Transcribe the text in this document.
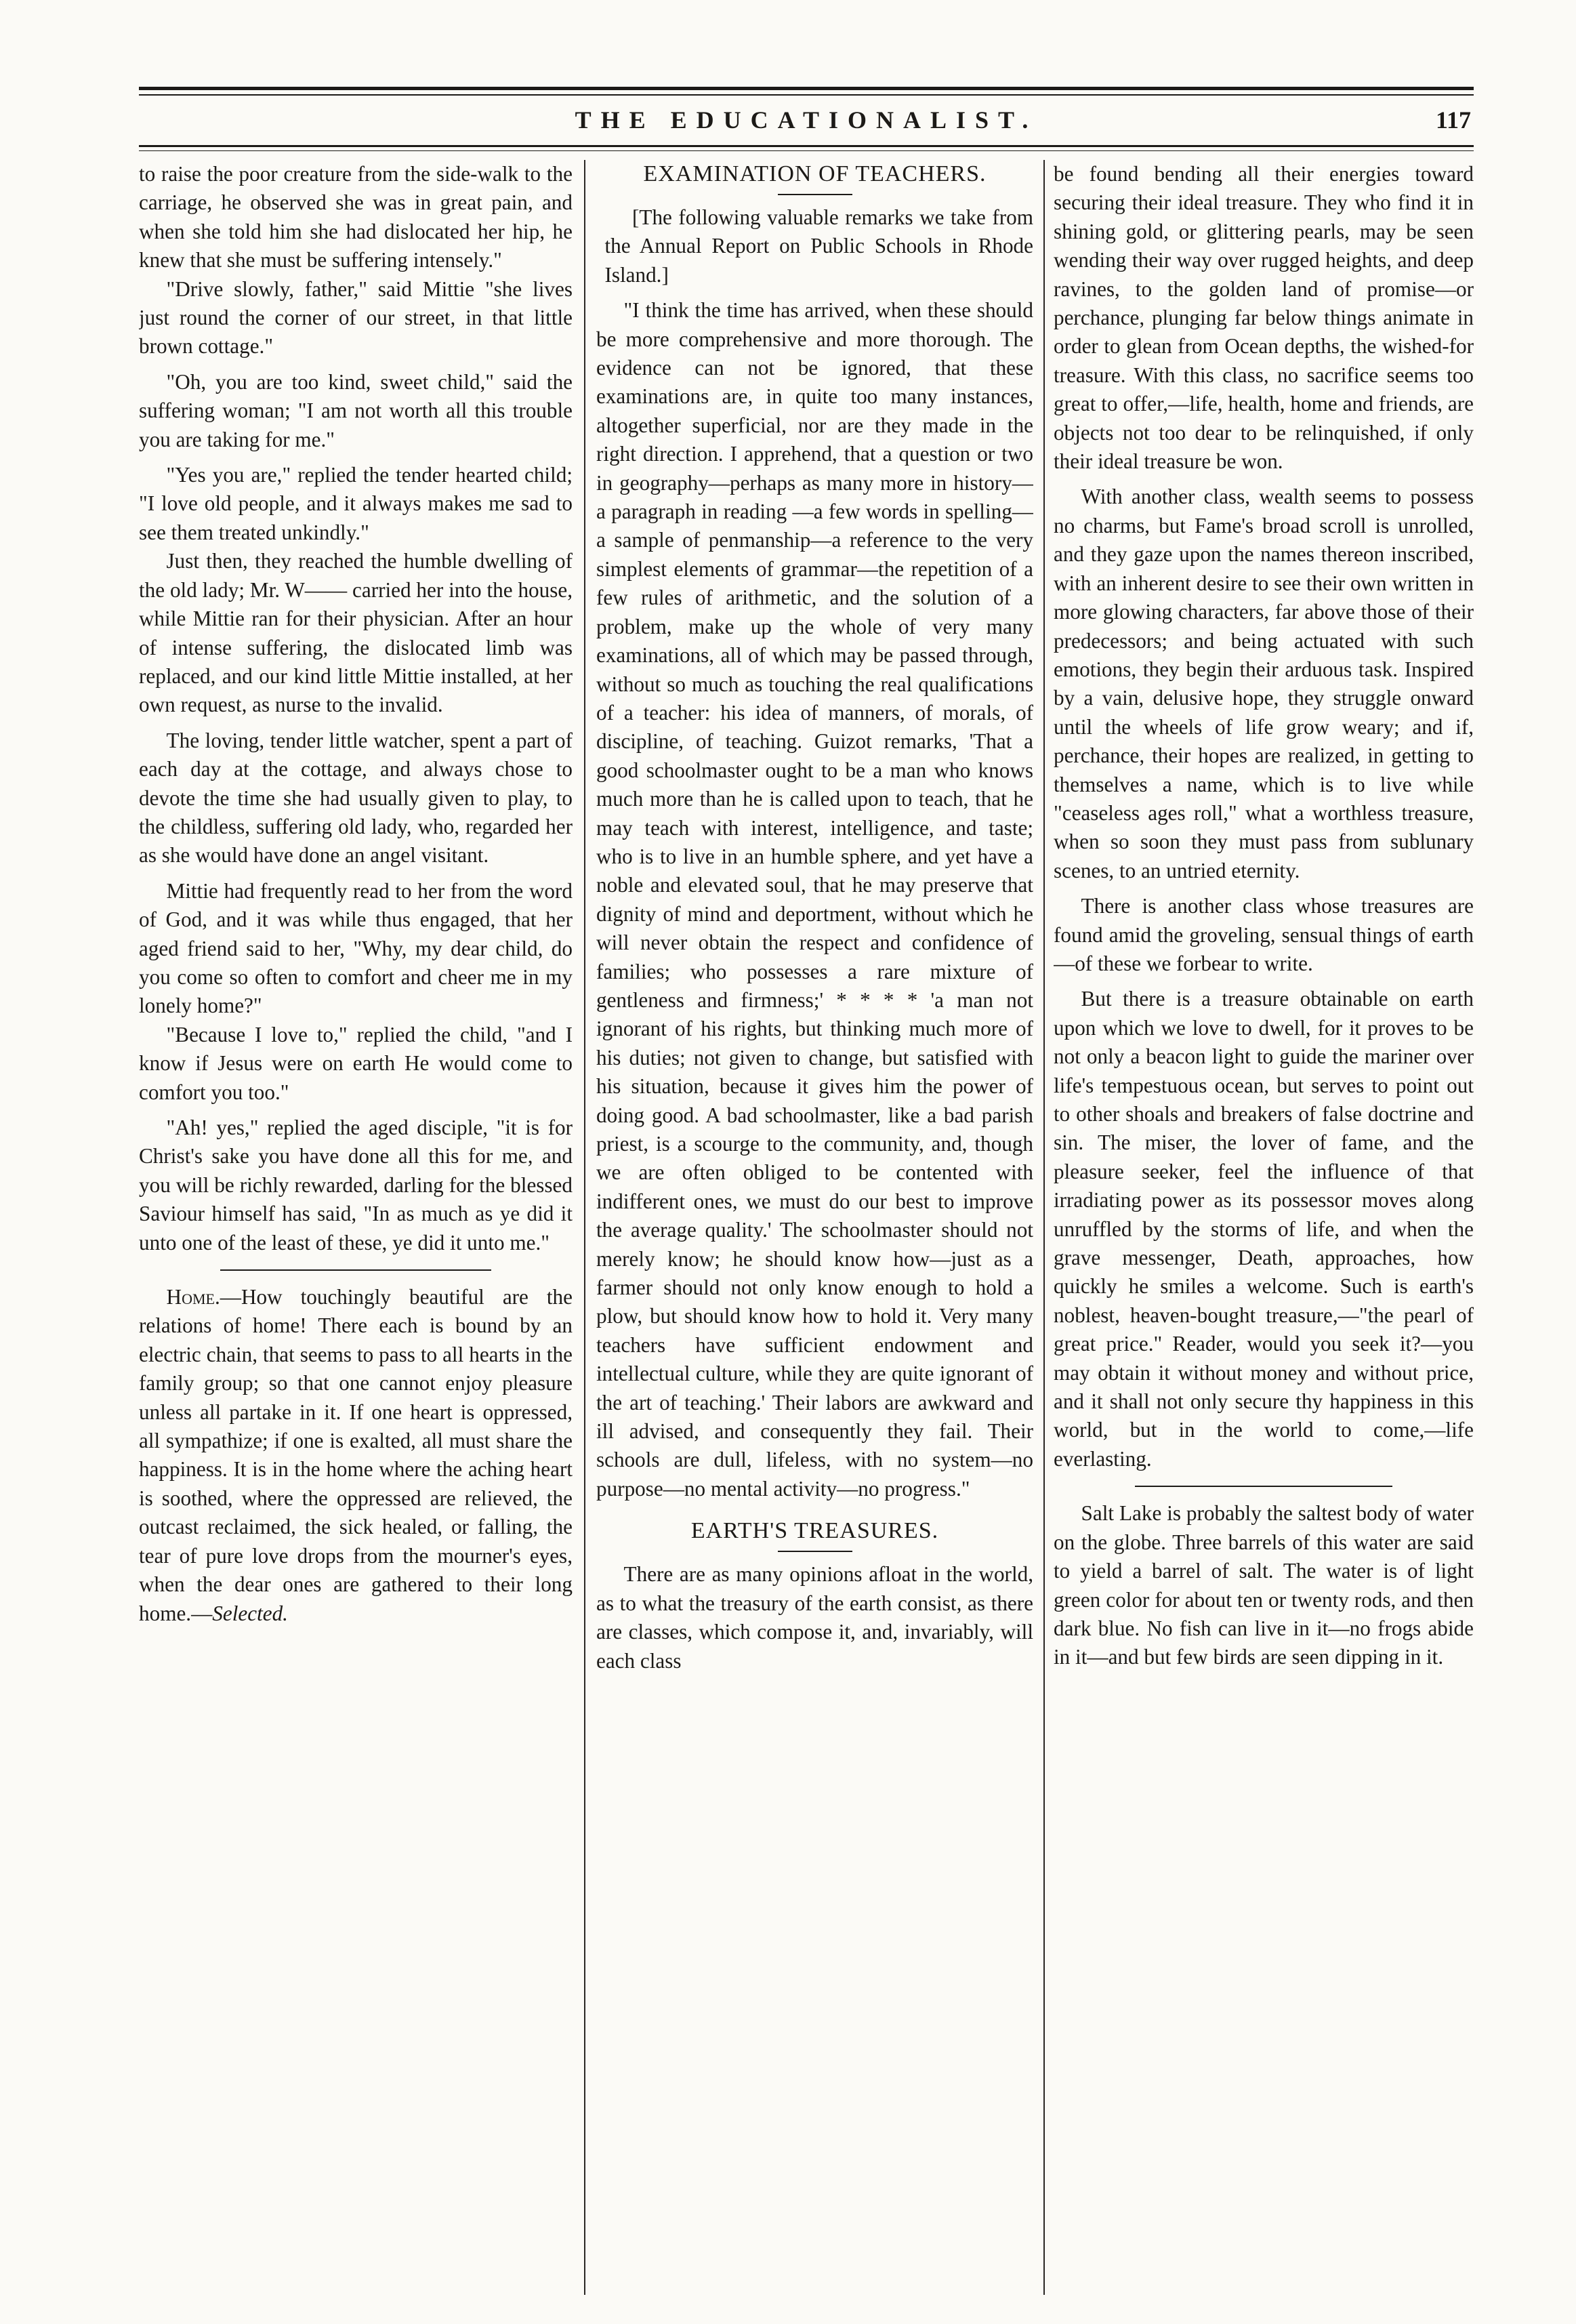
THE EDUCATIONALIST.	117

to raise the poor creature from the side-walk to the carriage, he observed she was in great pain, and when she told him she had dislocated her hip, he knew that she must be suffering intensely."

"Drive slowly, father," said Mittie "she lives just round the corner of our street, in that little brown cottage."

"Oh, you are too kind, sweet child," said the suffering woman; "I am not worth all this trouble you are taking for me."

"Yes you are," replied the tender hearted child; "I love old people, and it always makes me sad to see them treated unkindly."

Just then, they reached the humble dwelling of the old lady; Mr. W—— carried her into the house, while Mittie ran for their physician. After an hour of intense suffering, the dislocated limb was replaced, and our kind little Mittie installed, at her own request, as nurse to the invalid.

The loving, tender little watcher, spent a part of each day at the cottage, and always chose to devote the time she had usually given to play, to the childless, suffering old lady, who, regarded her as she would have done an angel visitant.

Mittie had frequently read to her from the word of God, and it was while thus engaged, that her aged friend said to her, "Why, my dear child, do you come so often to comfort and cheer me in my lonely home?"

"Because I love to," replied the child, "and I know if Jesus were on earth He would come to comfort you too."

"Ah! yes," replied the aged disciple, "it is for Christ's sake you have done all this for me, and you will be richly rewarded, darling for the blessed Saviour himself has said, "In as much as ye did it unto one of the least of these, ye did it unto me."

Home.—How touchingly beautiful are the relations of home! There each is bound by an electric chain, that seems to pass to all hearts in the family group; so that one cannot enjoy pleasure unless all partake in it. If one heart is oppressed, all sympathize; if one is exalted, all must share the happiness. It is in the home where the aching heart is soothed, where the oppressed are relieved, the outcast reclaimed, the sick healed, or falling, the tear of pure love drops from the mourner's eyes, when the dear ones are gathered to their long home.—Selected.

EXAMINATION OF TEACHERS.

[The following valuable remarks we take from the Annual Report on Public Schools in Rhode Island.]

"I think the time has arrived, when these should be more comprehensive and more thorough. The evidence can not be ignored, that these examinations are, in quite too many instances, altogether superficial, nor are they made in the right direction. I apprehend, that a question or two in geography—perhaps as many more in history—a paragraph in reading —a few words in spelling—a sample of penmanship—a reference to the very simplest elements of grammar—the repetition of a few rules of arithmetic, and the solution of a problem, make up the whole of very many examinations, all of which may be passed through, without so much as touching the real qualifications of a teacher: his idea of manners, of morals, of discipline, of teaching. Guizot remarks, 'That a good schoolmaster ought to be a man who knows much more than he is called upon to teach, that he may teach with interest, intelligence, and taste; who is to live in an humble sphere, and yet have a noble and elevated soul, that he may preserve that dignity of mind and deportment, without which he will never obtain the respect and confidence of families; who possesses a rare mixture of gentleness and firmness;' * * * * 'a man not ignorant of his rights, but thinking much more of his duties; not given to change, but satisfied with his situation, because it gives him the power of doing good. A bad schoolmaster, like a bad parish priest, is a scourge to the community, and, though we are often obliged to be contented with indifferent ones, we must do our best to improve the average quality.' The schoolmaster should not merely know; he should know how—just as a farmer should not only know enough to hold a plow, but should know how to hold it. Very many teachers have sufficient endowment and intellectual culture, while they are quite ignorant of the art of teaching.' Their labors are awkward and ill advised, and consequently they fail. Their schools are dull, lifeless, with no system—no purpose—no mental activity—no progress."

EARTH'S TREASURES.

There are as many opinions afloat in the world, as to what the treasury of the earth consist, as there are classes, which compose it, and, invariably, will each class

be found bending all their energies toward securing their ideal treasure. They who find it in shining gold, or glittering pearls, may be seen wending their way over rugged heights, and deep ravines, to the golden land of promise—or perchance, plunging far below things animate in order to glean from Ocean depths, the wished-for treasure. With this class, no sacrifice seems too great to offer,—life, health, home and friends, are objects not too dear to be relinquished, if only their ideal treasure be won.

With another class, wealth seems to possess no charms, but Fame's broad scroll is unrolled, and they gaze upon the names thereon inscribed, with an inherent desire to see their own written in more glowing characters, far above those of their predecessors; and being actuated with such emotions, they begin their arduous task. Inspired by a vain, delusive hope, they struggle onward until the wheels of life grow weary; and if, perchance, their hopes are realized, in getting to themselves a name, which is to live while "ceaseless ages roll," what a worthless treasure, when so soon they must pass from sublunary scenes, to an untried eternity.

There is another class whose treasures are found amid the groveling, sensual things of earth—of these we forbear to write.

But there is a treasure obtainable on earth upon which we love to dwell, for it proves to be not only a beacon light to guide the mariner over life's tempestuous ocean, but serves to point out to other shoals and breakers of false doctrine and sin. The miser, the lover of fame, and the pleasure seeker, feel the influence of that irradiating power as its possessor moves along unruffled by the storms of life, and when the grave messenger, Death, approaches, how quickly he smiles a welcome. Such is earth's noblest, heaven-bought treasure,—"the pearl of great price." Reader, would you seek it?—you may obtain it without money and without price, and it shall not only secure thy happiness in this world, but in the world to come,—life everlasting.

Salt Lake is probably the saltest body of water on the globe. Three barrels of this water are said to yield a barrel of salt. The water is of light green color for about ten or twenty rods, and then dark blue. No fish can live in it—no frogs abide in it—and but few birds are seen dipping in it.
